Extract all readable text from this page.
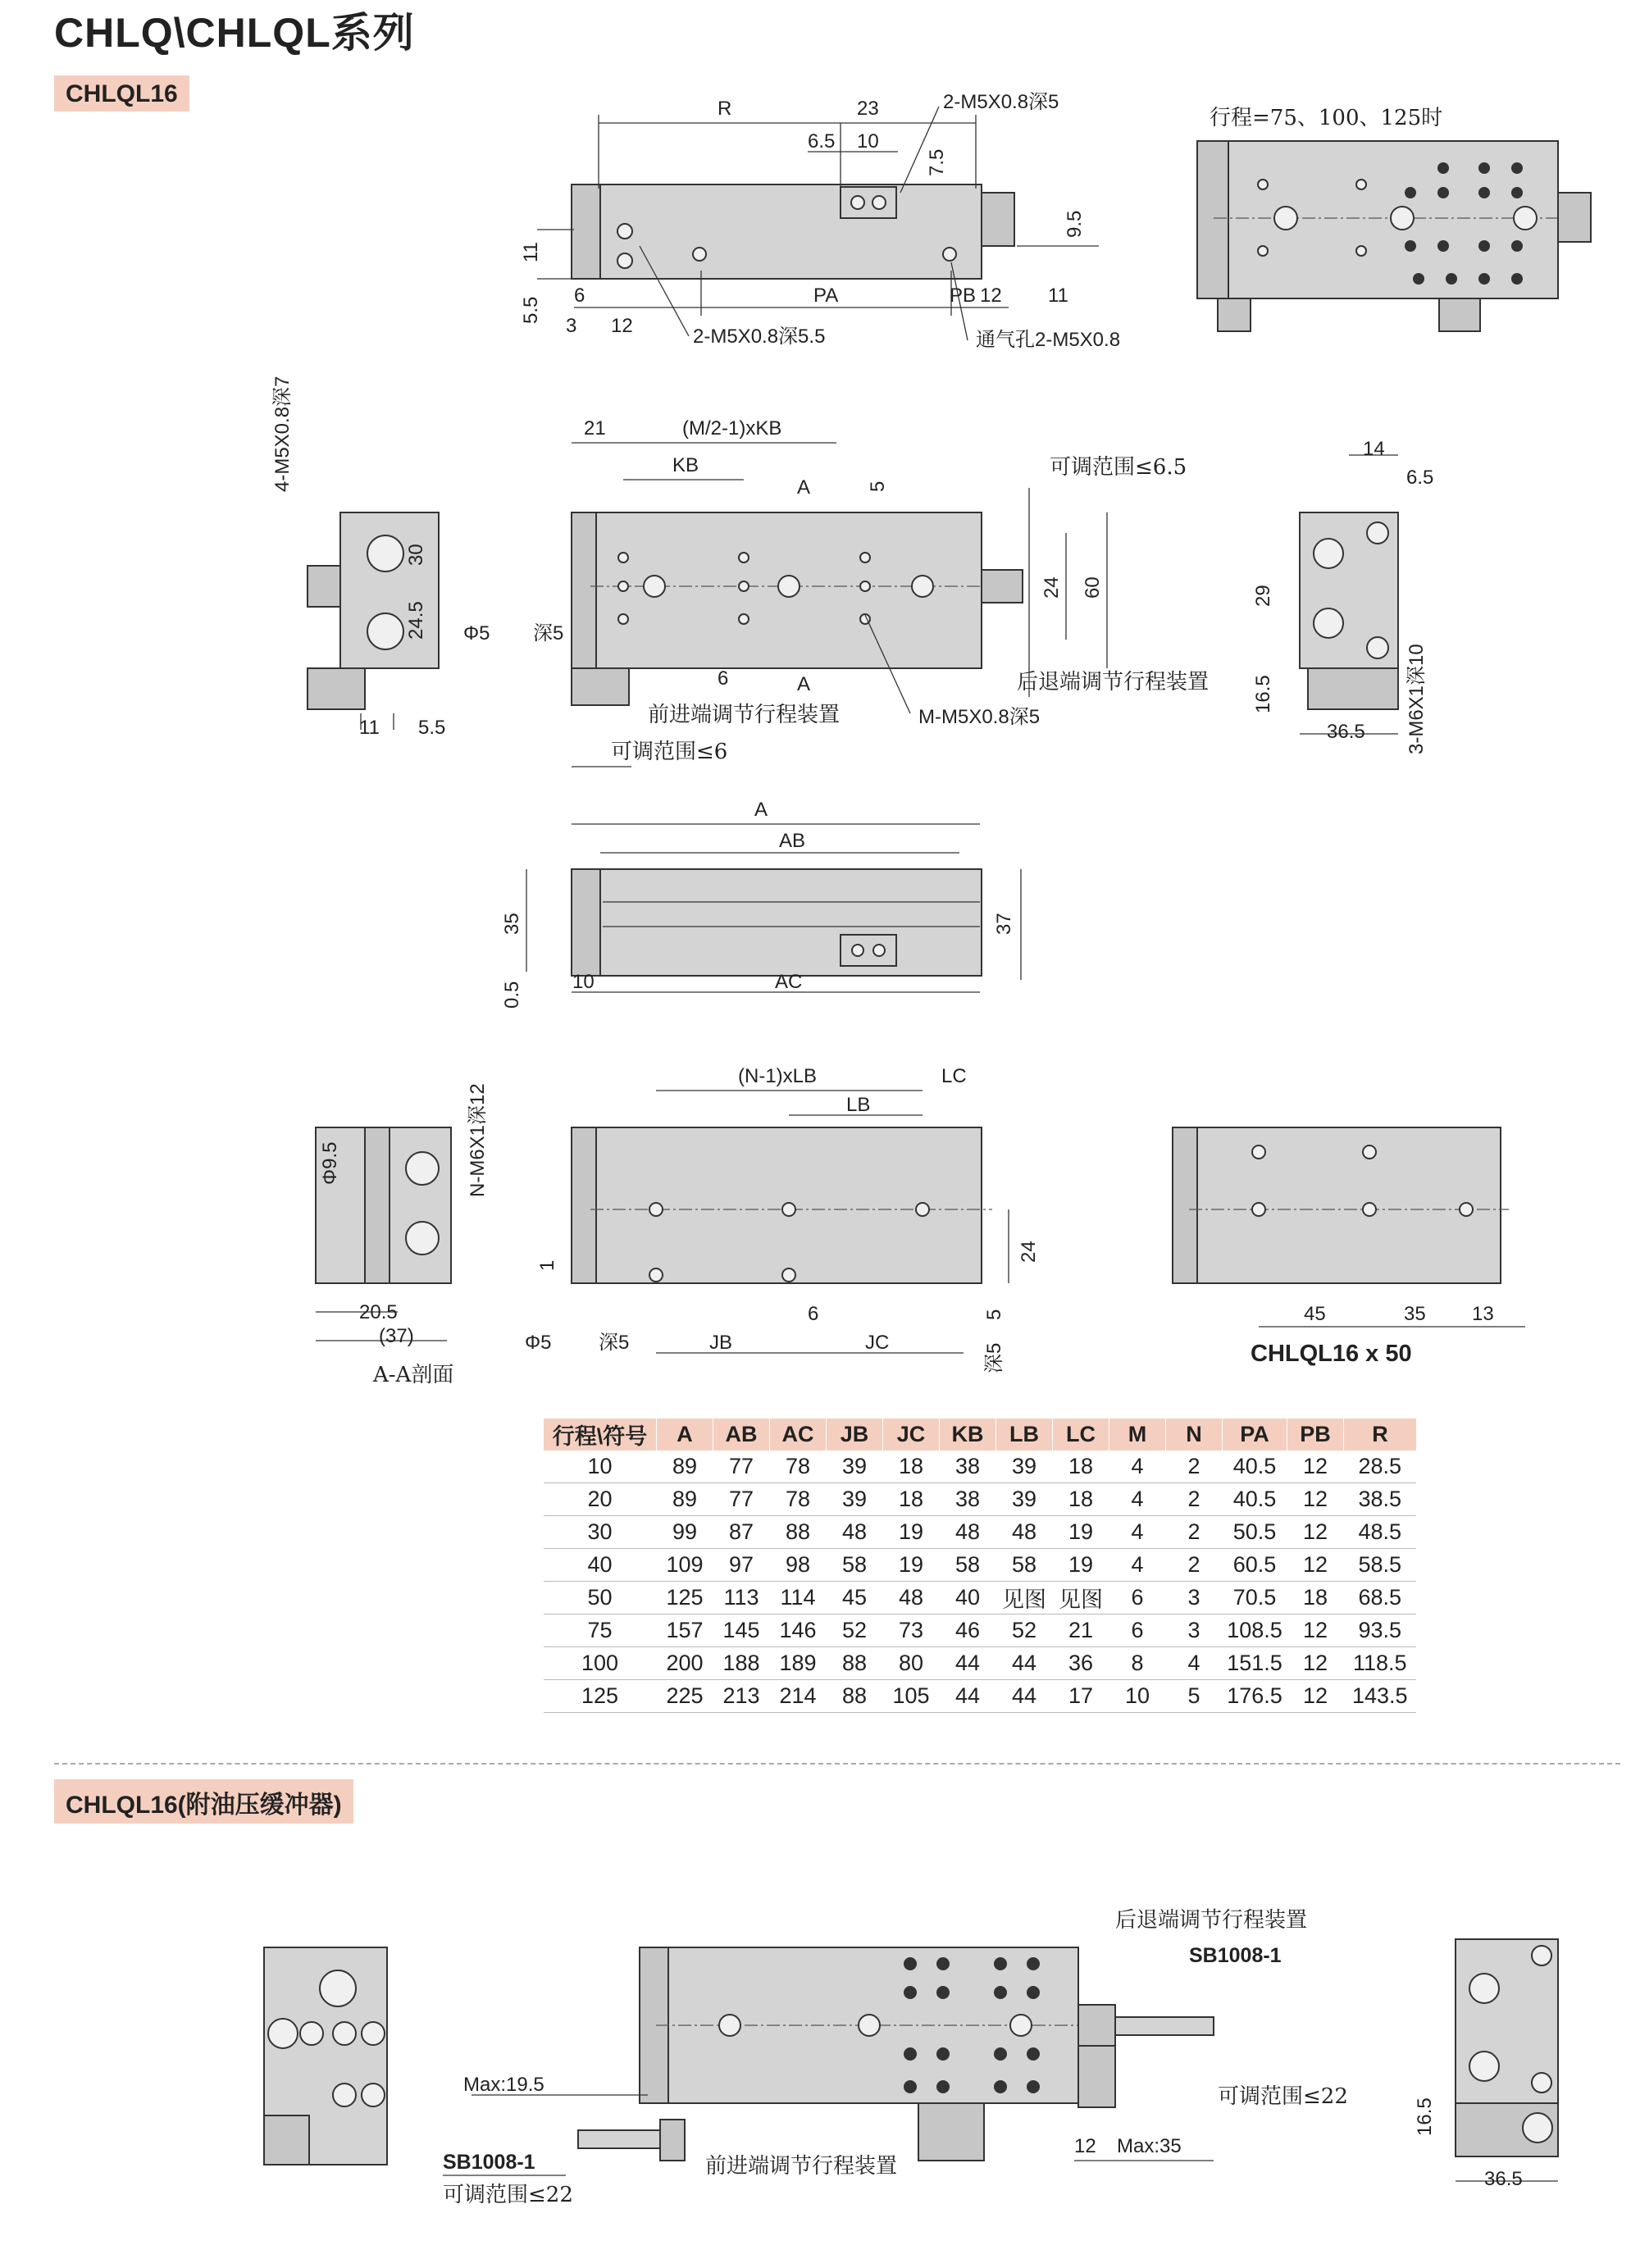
CHLQ\CHLQL系列
CHLQL16
CHLQL16(附油压缓冲器)
R	23	2-M5X0.8深5
6.5 10
7.5
11
9.5
5.5
6
3 12
PA	PB 12 11
2-M5X0.8深5.5	通气孔2-M5X0.8
行程=75、100、125时
4-M5X0.8深7
30
24.5
11 5.5
21	(M/2-1)xKB
KB
A	5
Φ5 深5
6	A
前进端调节行程装置
可调范围≤6
M-M5X0.8深5
后退端调节行程装置
可调范围≤6.5
24 60
14
6.5
29
16.5
36.5 3-M6X1深10
A
AB
35	37
0.5	10	AC
Φ9.5	N-M6X1深12
20.5
(37)
A-A剖面
(N-1)xLB	LC
LB
1
24
6
Φ5 深5	JB	JC
5
深5
45	35 13
CHLQL16 x 50
后退端调节行程装置
SB1008-1
Max:19.5	可调范围≤22
12 Max:35
SB1008-1
可调范围≤22
前进端调节行程装置
16.5
36.5
行程\符号	A	AB	AC	JB	JC	KB	LB	LC	M	N	PA	PB	R
10	89	77	78	39	18	38	39	18	4	2	40.5	12	28.5
20	89	77	78	39	18	38	39	18	4	2	40.5	12	38.5
30	99	87	88	48	19	48	48	19	4	2	50.5	12	48.5
40	109	97	98	58	19	58	58	19	4	2	60.5	12	58.5
50	125	113	114	45	48	40	见图	见图	6	3	70.5	18	68.5
75	157	145	146	52	73	46	52	21	6	3	108.5	12	93.5
100	200	188	189	88	80	44	44	36	8	4	151.5	12	118.5
125	225	213	214	88	105	44	44	17	10	5	176.5	12	143.5
